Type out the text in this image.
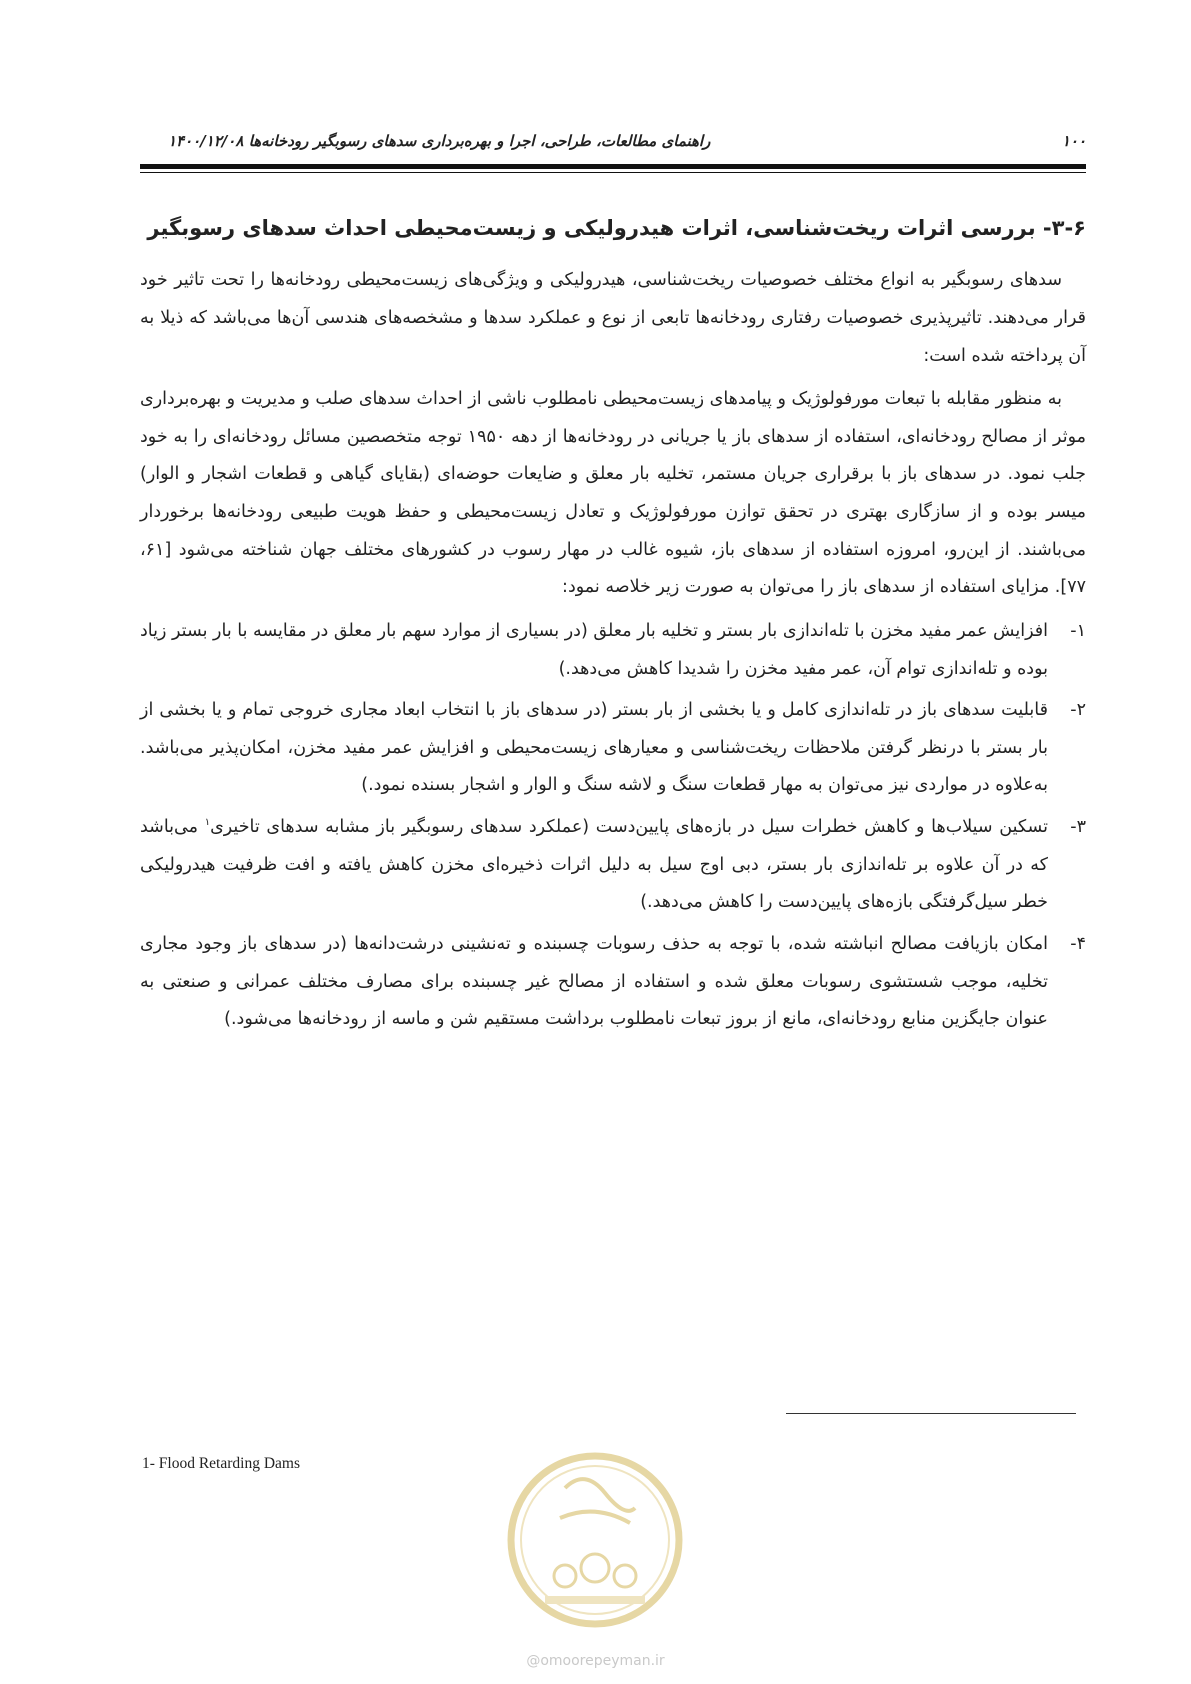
۱۰۰
راهنمای مطالعات، طراحی، اجرا و بهره‌برداری سدهای رسوبگیر رودخانه‌ها ۱۴۰۰/۱۲/۰۸
۳-۶- بررسی اثرات ریخت‌شناسی، اثرات هیدرولیکی و زیست‌محیطی احداث سدهای رسوبگیر

سدهای رسوبگیر به انواع مختلف خصوصیات ریخت‌شناسی، هیدرولیکی و ویژگی‌های زیست‌محیطی رودخانه‌ها را تحت تاثیر خود قرار می‌دهند. تاثیرپذیری خصوصیات رفتاری رودخانه‌ها تابعی از نوع و عملکرد سدها و مشخصه‌های هندسی آن‌ها می‌باشد که ذیلا به آن پرداخته شده است:

به منظور مقابله با تبعات مورفولوژیک و پیامدهای زیست‌محیطی نامطلوب ناشی از احداث سدهای صلب و مدیریت و بهره‌برداری موثر از مصالح رودخانه‌ای، استفاده از سدهای باز یا جریانی در رودخانه‌ها از دهه ۱۹۵۰ توجه متخصصین مسائل رودخانه‌ای را به خود جلب نمود. در سدهای باز با برقراری جریان مستمر، تخلیه بار معلق و ضایعات حوضه‌ای (بقایای گیاهی و قطعات اشجار و الوار) میسر بوده و از سازگاری بهتری در تحقق توازن مورفولوژیک و تعادل زیست‌محیطی و حفظ هویت طبیعی رودخانه‌ها برخوردار می‌باشند. از این‌رو، امروزه استفاده از سدهای باز، شیوه غالب در مهار رسوب در کشورهای مختلف جهان شناخته می‌شود [۶۱، ۷۷]. مزایای استفاده از سدهای باز را می‌توان به صورت زیر خلاصه نمود:

۱-
افزایش عمر مفید مخزن با تله‌اندازی بار بستر و تخلیه بار معلق (در بسیاری از موارد سهم بار معلق در مقایسه با بار بستر زیاد بوده و تله‌اندازی توام آن، عمر مفید مخزن را شدیدا کاهش می‌دهد.)
۲-
قابلیت سدهای باز در تله‌اندازی کامل و یا بخشی از بار بستر (در سدهای باز با انتخاب ابعاد مجاری خروجی تمام و یا بخشی از بار بستر با درنظر گرفتن ملاحظات ریخت‌شناسی و معیارهای زیست‌محیطی و افزایش عمر مفید مخزن، امکان‌پذیر می‌باشد. به‌علاوه در مواردی نیز می‌توان به مهار قطعات سنگ و لاشه سنگ و الوار و اشجار بسنده نمود.)
۳-
تسکین سیلاب‌ها و کاهش خطرات سیل در بازه‌های پایین‌دست (عملکرد سدهای رسوبگیر باز مشابه سدهای تاخیری$^۱$ می‌باشد که در آن علاوه بر تله‌اندازی بار بستر، دبی اوج سیل به دلیل اثرات ذخیره‌ای مخزن کاهش یافته و افت ظرفیت هیدرولیکی خطر سیل‌گرفتگی بازه‌های پایین‌دست را کاهش می‌دهد.)
۴-
امکان بازیافت مصالح انباشته شده، با توجه به حذف رسوبات چسبنده و ته‌نشینی درشت‌دانه‌ها (در سدهای باز وجود مجاری تخلیه، موجب شستشوی رسوبات معلق شده و استفاده از مصالح غیر چسبنده برای مصارف مختلف عمرانی و صنعتی به عنوان جایگزین منابع رودخانه‌ای، مانع از بروز تبعات نامطلوب برداشت مستقیم شن و ماسه از رودخانه‌ها می‌شود.)
1- Flood Retarding Dams
@omoorepeyman.ir
